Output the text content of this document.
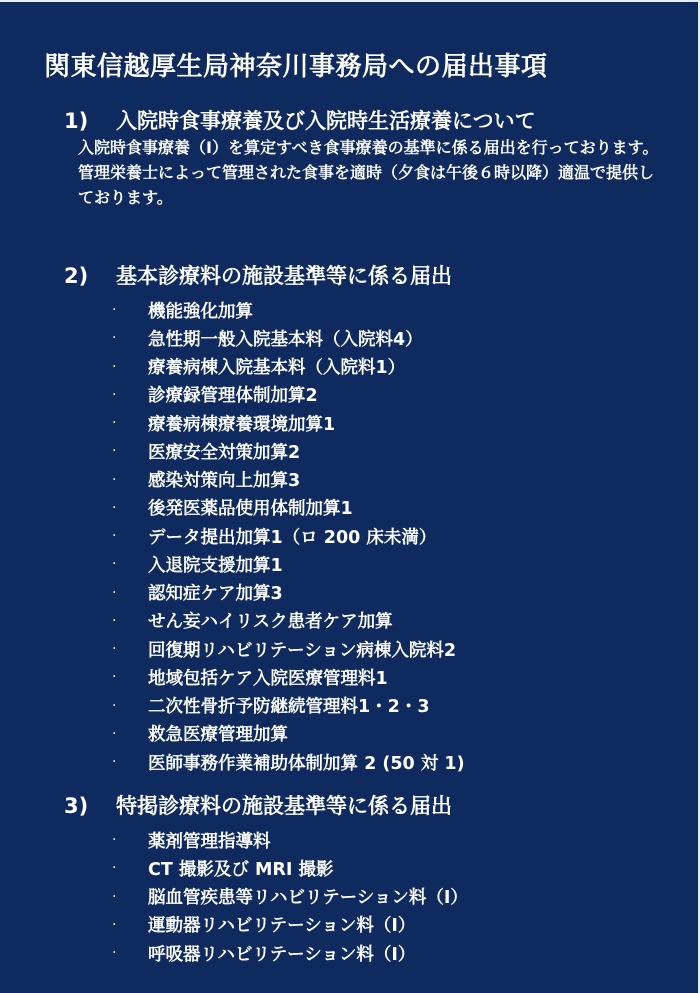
関東信越厚生局神奈川事務局への届出事項
1)	入院時食事療養及び入院時生活療養について
入院時食事療養（Ⅰ）を算定すべき食事療養の基準に係る届出を行っております。
管理栄養士によって管理された食事を適時（夕食は午後６時以降）適温で提供しております。
2)	基本診療料の施設基準等に係る届出
·	機能強化加算
·	急性期一般入院基本料（入院料4）
·	療養病棟入院基本料（入院料1）
·	診療録管理体制加算2
·	療養病棟療養環境加算1
·	医療安全対策加算2
·	感染対策向上加算3
·	後発医薬品使用体制加算1
·	データ提出加算1（ロ 200 床未満）
·	入退院支援加算1
·	認知症ケア加算3
·	せん妄ハイリスク患者ケア加算
·	回復期リハビリテーション病棟入院料2
·	地域包括ケア入院医療管理料1
·	二次性骨折予防継続管理料1・2・3
·	救急医療管理加算
·	医師事務作業補助体制加算 2 (50 対 1)
3)	特掲診療料の施設基準等に係る届出
·	薬剤管理指導料
·	CT 撮影及び MRI 撮影
·	脳血管疾患等リハビリテーション料（Ⅰ）
·	運動器リハビリテーション料（Ⅰ）
·	呼吸器リハビリテーション料（Ⅰ）
